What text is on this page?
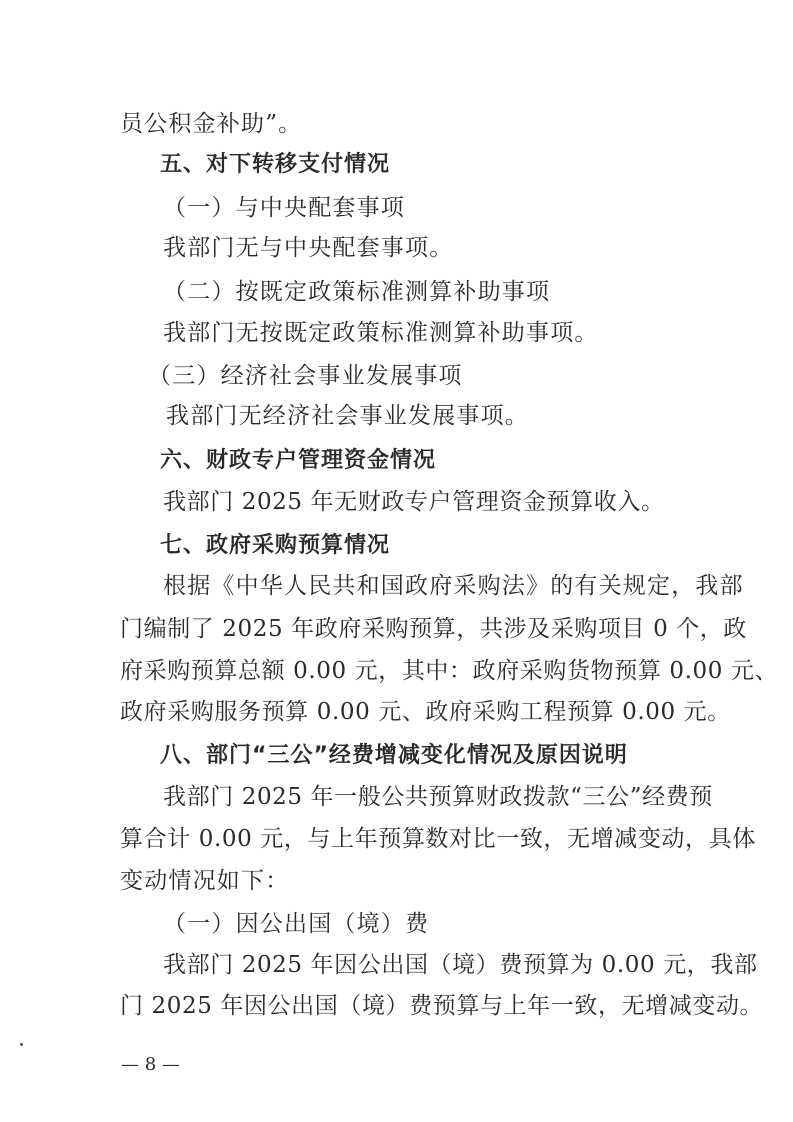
员公积金补助”。
五、对下转移支付情况
（一）与中央配套事项
我部门无与中央配套事项。
（二）按既定政策标准测算补助事项
我部门无按既定政策标准测算补助事项。
（三）经济社会事业发展事项
我部门无经济社会事业发展事项。
六、财政专户管理资金情况
我部门 2025 年无财政专户管理资金预算收入。
七、政府采购预算情况
根据《中华人民共和国政府采购法》的有关规定，我部
门编制了 2025 年政府采购预算，共涉及采购项目 0 个，政
府采购预算总额 0.00 元，其中：政府采购货物预算 0.00 元、
政府采购服务预算 0.00 元、政府采购工程预算 0.00 元。
八、部门“三公”经费增减变化情况及原因说明
我部门 2025 年一般公共预算财政拨款“三公”经费预
算合计 0.00 元，与上年预算数对比一致，无增减变动，具体
变动情况如下：
（一）因公出国（境）费
我部门 2025 年因公出国（境）费预算为 0.00 元，我部
门 2025 年因公出国（境）费预算与上年一致，无增减变动。
— 8 —
